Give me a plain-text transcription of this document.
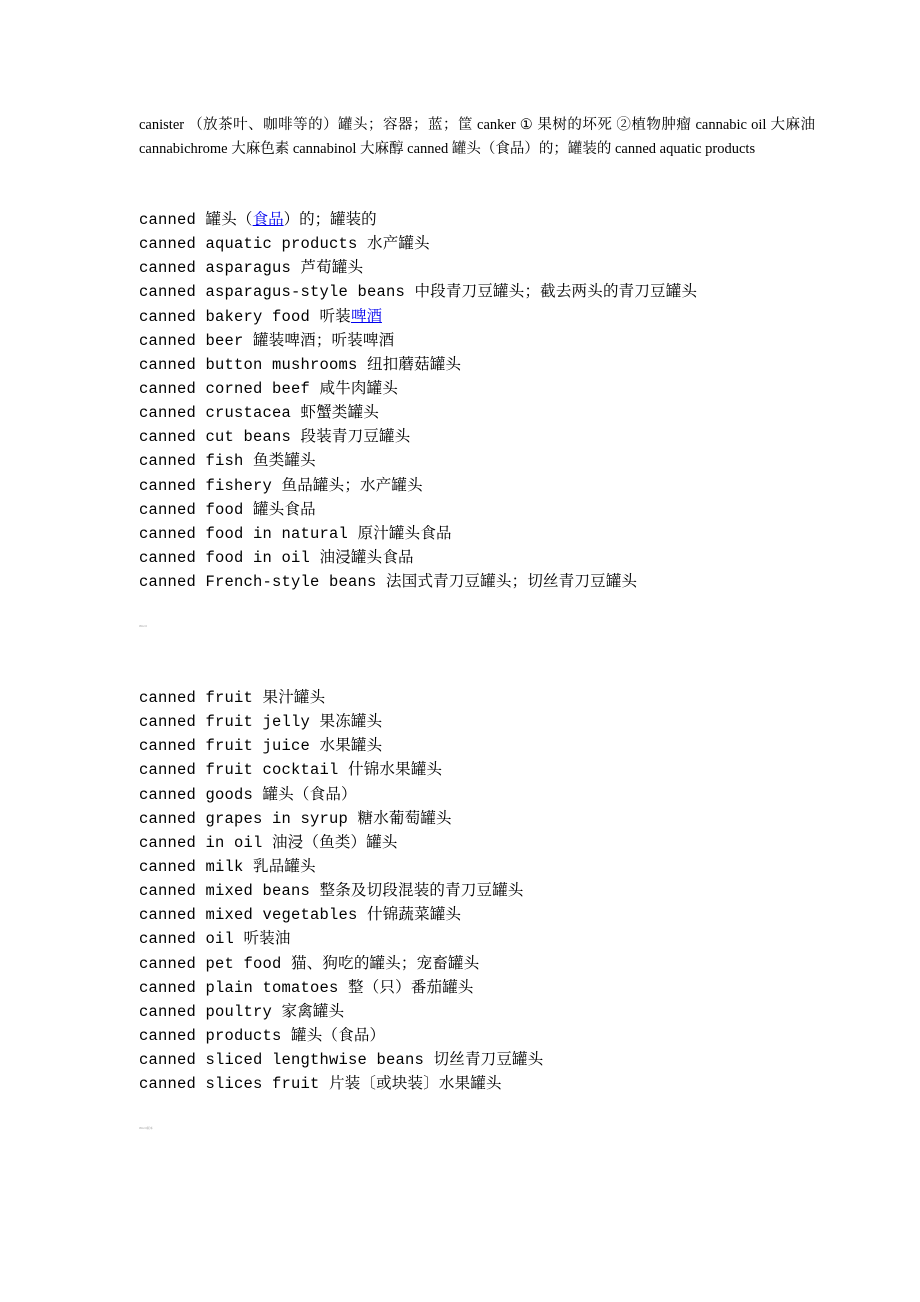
canister （放茶叶、咖啡等的）罐头；容器；蓝；筐 canker ① 果树的坏死 ②植物肿瘤 cannabic oil 大麻油 cannabichrome 大麻色素 cannabinol 大麻醇 canned 罐头（食品）的；罐装的 canned aquatic products

canned 罐头（食品）的；罐装的
canned aquatic products 水产罐头
canned asparagus 芦荀罐头
canned asparagus-style beans 中段青刀豆罐头；截去两头的青刀豆罐头
canned bakery food 听装啤酒
canned beer 罐装啤酒；听装啤酒
canned button mushrooms 纽扣蘑菇罐头
canned corned beef 咸牛肉罐头
canned crustacea 虾蟹类罐头
canned cut beans 段装青刀豆罐头
canned fish 鱼类罐头
canned fishery 鱼品罐头；水产罐头
canned food 罐头食品
canned food in natural 原汁罐头食品
canned food in oil 油浸罐头食品
canned French-style beans 法国式青刀豆罐头；切丝青刀豆罐头
Word
canned fruit 果汁罐头
canned fruit jelly 果冻罐头
canned fruit juice 水果罐头
canned fruit cocktail 什锦水果罐头
canned goods 罐头（食品）
canned grapes in syrup 糖水葡萄罐头
canned in oil 油浸（鱼类）罐头
canned milk 乳品罐头
canned mixed beans 整条及切段混装的青刀豆罐头
canned mixed vegetables 什锦蔬菜罐头
canned oil 听装油
canned pet food 猫、狗吃的罐头；宠畜罐头
canned plain tomatoes 整（只）番茄罐头
canned poultry 家禽罐头
canned products 罐头（食品）
canned sliced lengthwise beans 切丝青刀豆罐头
canned slices fruit 片装〔或块装〕水果罐头
Word版本
